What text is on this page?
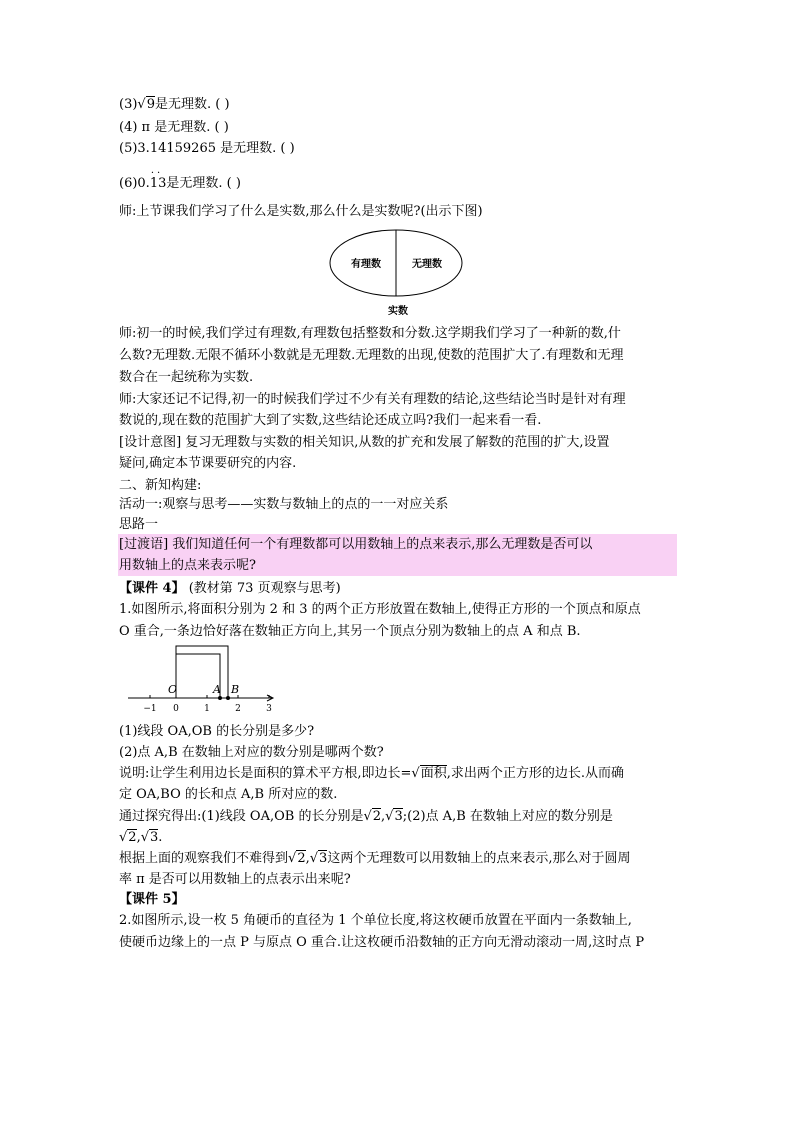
(3)√9是无理数. ( )
(4) π 是无理数. ( )
(5)3.14159265 是无理数. ( )
(6)0.
··
13是无理数. ( )
师:上节课我们学习了什么是实数,那么什么是实数呢?(出示下图)
有理数	无理数
实数
师:初一的时候,我们学过有理数,有理数包括整数和分数.这学期我们学习了一种新的数,什
么数?无理数.无限不循环小数就是无理数.无理数的出现,使数的范围扩大了.有理数和无理
数合在一起统称为实数.
师:大家还记不记得,初一的时候我们学过不少有关有理数的结论,这些结论当时是针对有理
数说的,现在数的范围扩大到了实数,这些结论还成立吗?我们一起来看一看.
[设计意图] 复习无理数与实数的相关知识,从数的扩充和发展了解数的范围的扩大,设置
疑问,确定本节课要研究的内容.
二、新知构建:
活动一:观察与思考——实数与数轴上的点的一一对应关系
思路一
[过渡语] 我们知道任何一个有理数都可以用数轴上的点来表示,那么无理数是否可以
用数轴上的点来表示呢?
【课件 4】 (教材第 73 页观察与思考)
1.如图所示,将面积分别为 2 和 3 的两个正方形放置在数轴上,使得正方形的一个顶点和原点
O 重合,一条边恰好落在数轴正方向上,其另一个顶点分别为数轴上的点 A 和点 B.
O	A B
−1 0	1	2	3
(1)线段 OA,OB 的长分别是多少?
(2)点 A,B 在数轴上对应的数分别是哪两个数?
说明:让学生利用边长是面积的算术平方根,即边长=√面积,求出两个正方形的边长.从而确
定 OA,BO 的长和点 A,B 所对应的数.
通过探究得出:(1)线段 OA,OB 的长分别是√2,√3;(2)点 A,B 在数轴上对应的数分别是
√2,√3.
根据上面的观察我们不难得到√2,√3这两个无理数可以用数轴上的点来表示,那么对于圆周
率 π 是否可以用数轴上的点表示出来呢?
【课件 5】
2.如图所示,设一枚 5 角硬币的直径为 1 个单位长度,将这枚硬币放置在平面内一条数轴上,
使硬币边缘上的一点 P 与原点 O 重合.让这枚硬币沿数轴的正方向无滑动滚动一周,这时点 P
